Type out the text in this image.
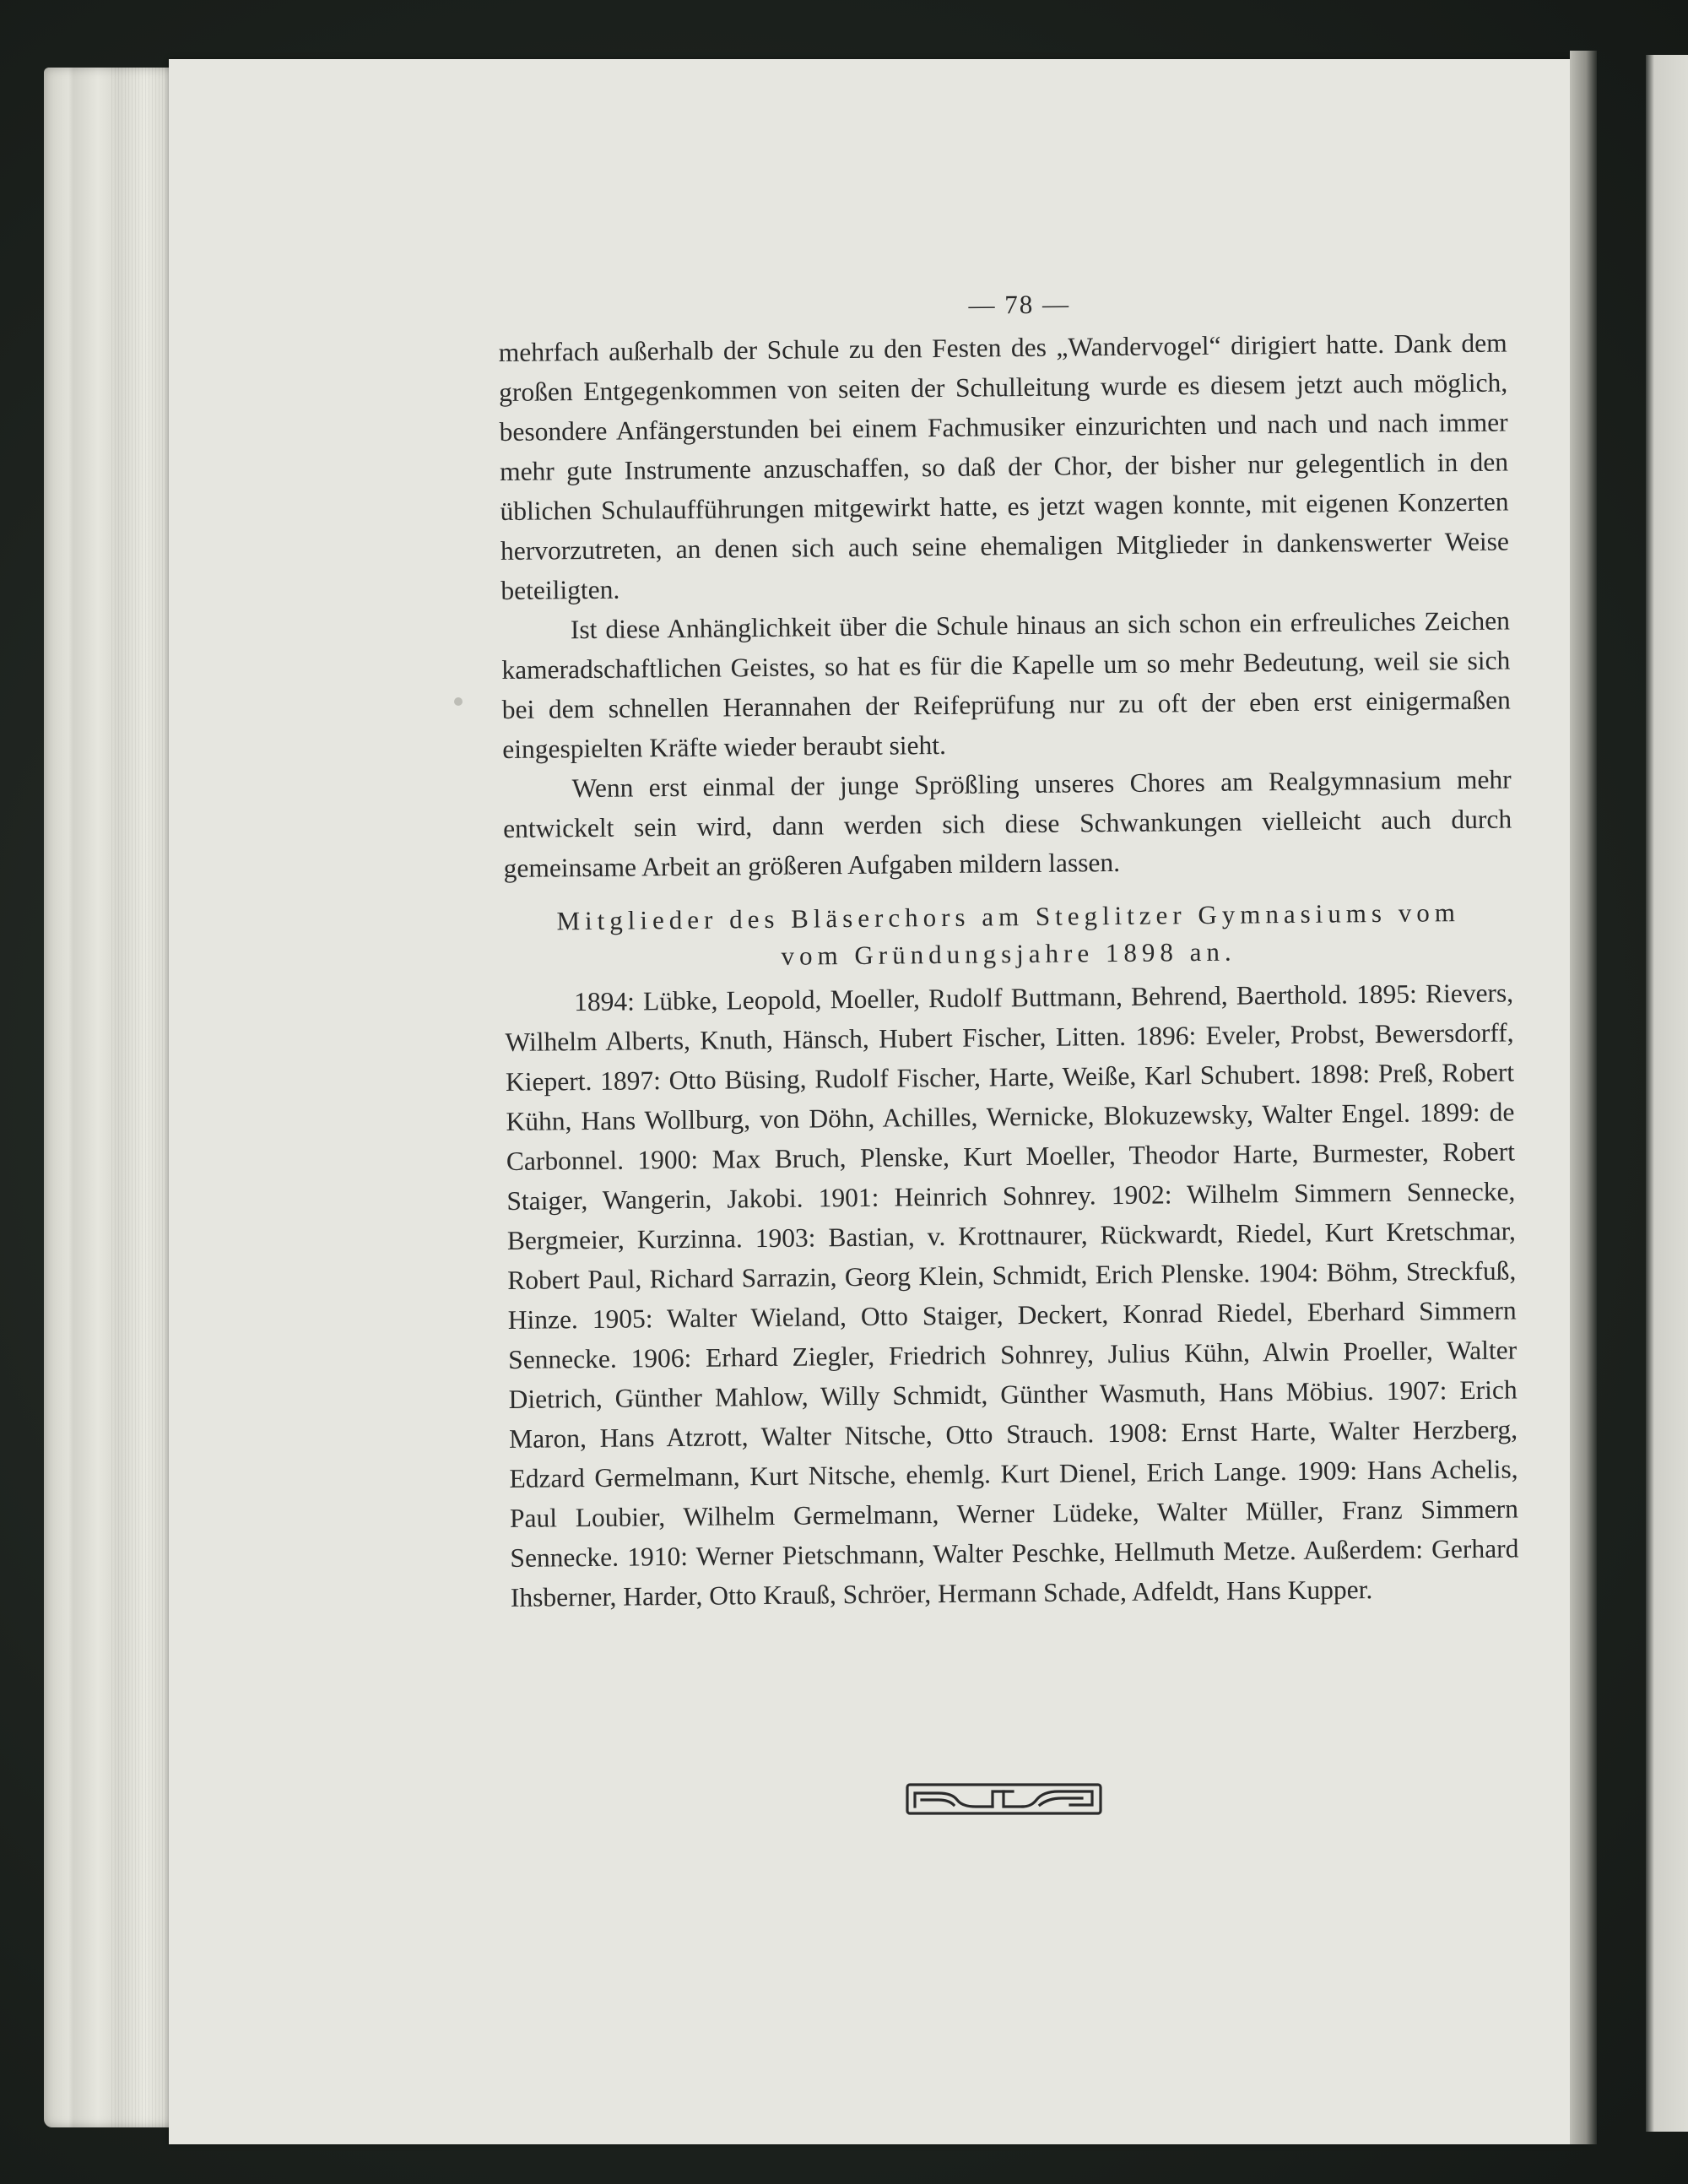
— 78 —

mehrfach außerhalb der Schule zu den Festen des „Wandervogel“ dirigiert hatte. Dank dem großen Entgegenkommen von seiten der Schulleitung wurde es diesem jetzt auch möglich, besondere Anfängerstunden bei einem Fachmusiker einzurichten und nach und nach immer mehr gute Instrumente anzuschaffen, so daß der Chor, der bisher nur gelegentlich in den üblichen Schulaufführungen mitgewirkt hatte, es jetzt wagen konnte, mit eigenen Konzerten hervorzutreten, an denen sich auch seine ehemaligen Mitglieder in dankenswerter Weise beteiligten.

Ist diese Anhänglichkeit über die Schule hinaus an sich schon ein erfreuliches Zeichen kameradschaftlichen Geistes, so hat es für die Kapelle um so mehr Bedeutung, weil sie sich bei dem schnellen Herannahen der Reifeprüfung nur zu oft der eben erst einigermaßen eingespielten Kräfte wieder beraubt sieht.

Wenn erst einmal der junge Sprößling unseres Chores am Realgymnasium mehr entwickelt sein wird, dann werden sich diese Schwankungen vielleicht auch durch gemeinsame Arbeit an größeren Aufgaben mildern lassen.

Mitglieder des Bläserchors am Steglitzer Gymnasiums vom
vom Gründungsjahre 1898 an.

1894: Lübke, Leopold, Moeller, Rudolf Buttmann, Behrend, Baerthold. 1895: Rievers, Wilhelm Alberts, Knuth, Hänsch, Hubert Fischer, Litten. 1896: Eveler, Probst, Bewersdorff, Kiepert. 1897: Otto Büsing, Rudolf Fischer, Harte, Weiße, Karl Schubert. 1898: Preß, Robert Kühn, Hans Wollburg, von Döhn, Achilles, Wernicke, Blokuzewsky, Walter Engel. 1899: de Carbonnel. 1900: Max Bruch, Plenske, Kurt Moeller, Theodor Harte, Burmester, Robert Staiger, Wangerin, Jakobi. 1901: Heinrich Sohnrey. 1902: Wilhelm Simmern Sennecke, Bergmeier, Kurzinna. 1903: Bastian, v. Krottnaurer, Rückwardt, Riedel, Kurt Kretschmar, Robert Paul, Richard Sarrazin, Georg Klein, Schmidt, Erich Plenske. 1904: Böhm, Streckfuß, Hinze. 1905: Walter Wieland, Otto Staiger, Deckert, Konrad Riedel, Eberhard Simmern Sennecke. 1906: Erhard Ziegler, Friedrich Sohnrey, Julius Kühn, Alwin Proeller, Walter Dietrich, Günther Mahlow, Willy Schmidt, Günther Wasmuth, Hans Möbius. 1907: Erich Maron, Hans Atzrott, Walter Nitsche, Otto Strauch. 1908: Ernst Harte, Walter Herzberg, Edzard Germelmann, Kurt Nitsche, ehemlg. Kurt Dienel, Erich Lange. 1909: Hans Achelis, Paul Loubier, Wilhelm Germelmann, Werner Lüdeke, Walter Müller, Franz Simmern Sennecke. 1910: Werner Pietschmann, Walter Peschke, Hellmuth Metze. Außerdem: Gerhard Ihsberner, Harder, Otto Krauß, Schröer, Hermann Schade, Adfeldt, Hans Kupper.
